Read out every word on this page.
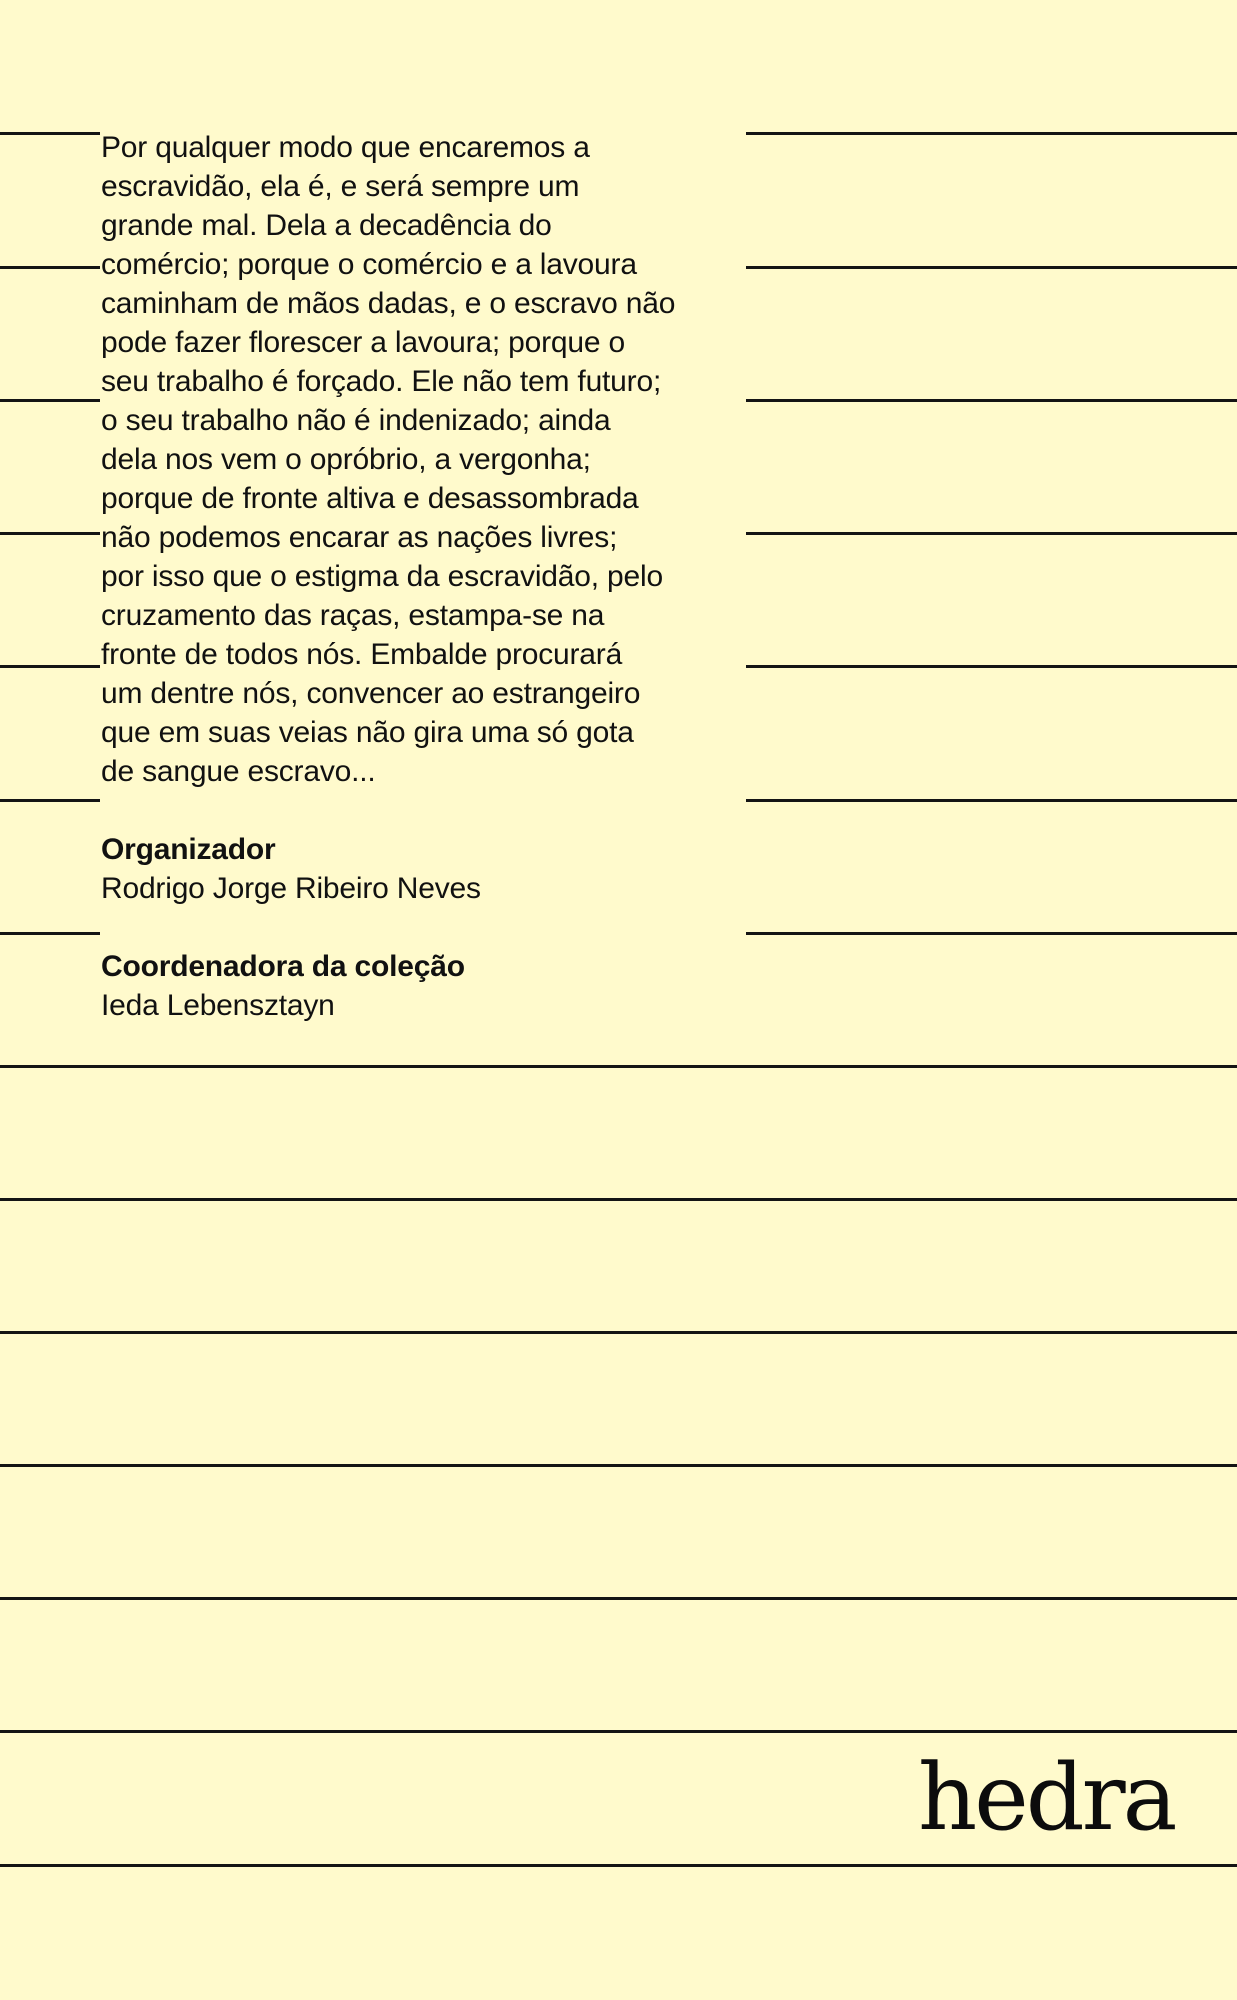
Por qualquer modo que encaremos a
escravidão, ela é, e será sempre um
grande mal. Dela a decadência do
comércio; porque o comércio e a lavoura
caminham de mãos dadas, e o escravo não
pode fazer florescer a lavoura; porque o
seu trabalho é forçado. Ele não tem futuro;
o seu trabalho não é indenizado; ainda
dela nos vem o opróbrio, a vergonha;
porque de fronte altiva e desassombrada
não podemos encarar as nações livres;
por isso que o estigma da escravidão, pelo
cruzamento das raças, estampa-se na
fronte de todos nós. Embalde procurará
um dentre nós, convencer ao estrangeiro
que em suas veias não gira uma só gota
de sangue escravo...
Organizador
Rodrigo Jorge Ribeiro Neves
Coordenadora da coleção
Ieda Lebensztayn
hedra
